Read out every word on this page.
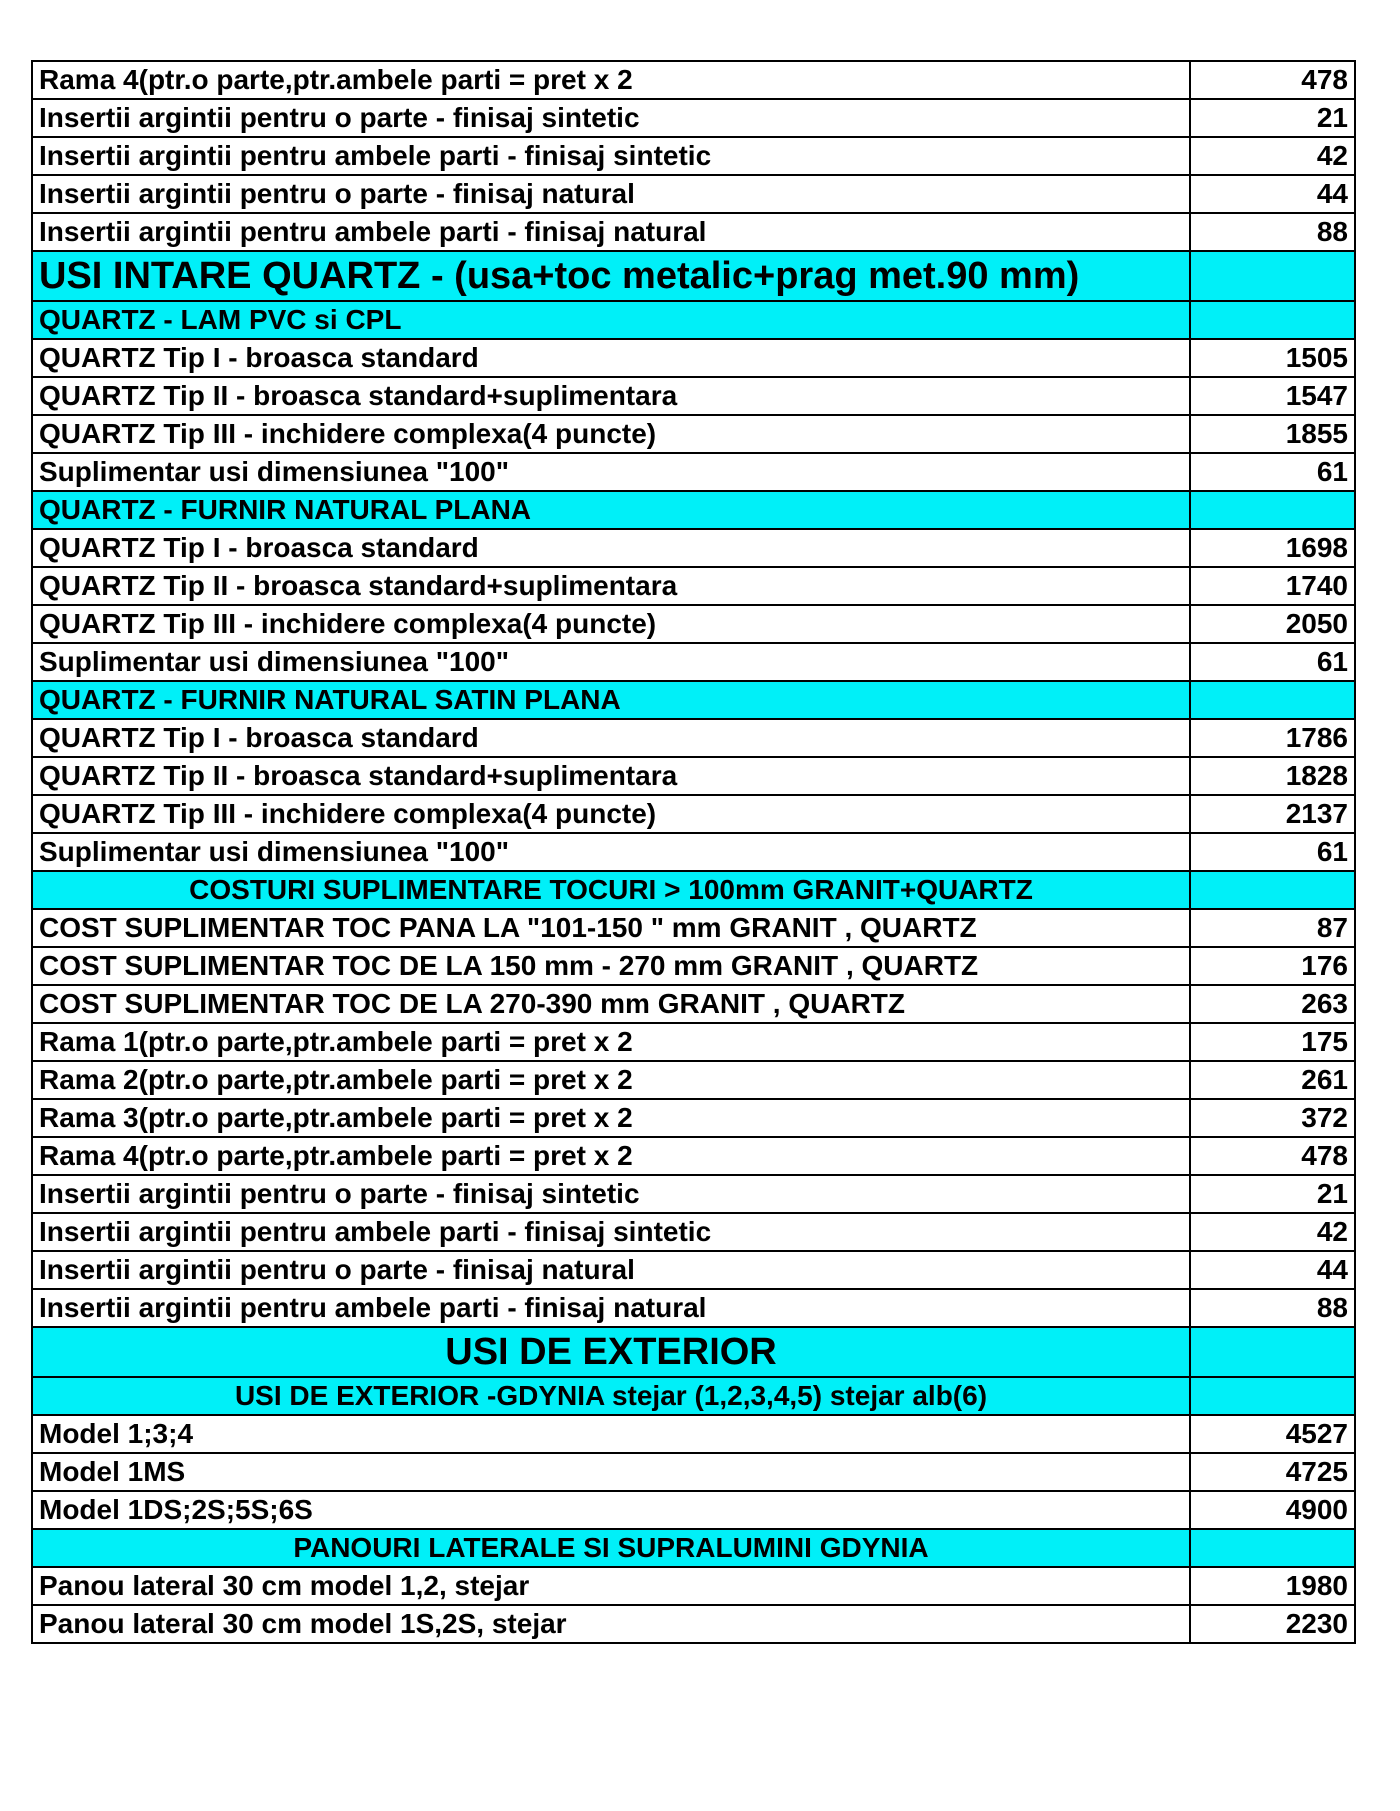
Rama 4(ptr.o parte,ptr.ambele parti = pret x 2	478
Insertii argintii pentru o parte - finisaj sintetic	21
Insertii argintii pentru ambele parti - finisaj sintetic	42
Insertii argintii pentru o parte - finisaj natural	44
Insertii argintii pentru ambele parti - finisaj natural	88
USI INTARE QUARTZ - (usa+toc metalic+prag met.90 mm)	
QUARTZ - LAM PVC si CPL	
QUARTZ Tip I - broasca standard	1505
QUARTZ Tip II - broasca standard+suplimentara	1547
QUARTZ Tip III - inchidere complexa(4 puncte)	1855
Suplimentar usi dimensiunea "100"	61
QUARTZ - FURNIR NATURAL PLANA	
QUARTZ Tip I - broasca standard	1698
QUARTZ Tip II - broasca standard+suplimentara	1740
QUARTZ Tip III - inchidere complexa(4 puncte)	2050
Suplimentar usi dimensiunea "100"	61
QUARTZ - FURNIR NATURAL SATIN PLANA	
QUARTZ Tip I - broasca standard	1786
QUARTZ Tip II - broasca standard+suplimentara	1828
QUARTZ Tip III - inchidere complexa(4 puncte)	2137
Suplimentar usi dimensiunea "100"	61
COSTURI SUPLIMENTARE TOCURI > 100mm GRANIT+QUARTZ	
COST SUPLIMENTAR TOC PANA LA "101-150 " mm GRANIT , QUARTZ	87
COST SUPLIMENTAR TOC DE LA 150 mm - 270 mm GRANIT , QUARTZ	176
COST SUPLIMENTAR TOC DE LA 270-390 mm GRANIT , QUARTZ	263
Rama 1(ptr.o parte,ptr.ambele parti = pret x 2	175
Rama 2(ptr.o parte,ptr.ambele parti = pret x 2	261
Rama 3(ptr.o parte,ptr.ambele parti = pret x 2	372
Rama 4(ptr.o parte,ptr.ambele parti = pret x 2	478
Insertii argintii pentru o parte - finisaj sintetic	21
Insertii argintii pentru ambele parti - finisaj sintetic	42
Insertii argintii pentru o parte - finisaj natural	44
Insertii argintii pentru ambele parti - finisaj natural	88
USI DE EXTERIOR	
USI DE EXTERIOR -GDYNIA stejar (1,2,3,4,5) stejar alb(6)	
Model 1;3;4	4527
Model 1MS	4725
Model 1DS;2S;5S;6S	4900
PANOURI LATERALE SI SUPRALUMINI GDYNIA	
Panou lateral 30 cm model 1,2, stejar	1980
Panou lateral 30 cm model 1S,2S, stejar	2230
